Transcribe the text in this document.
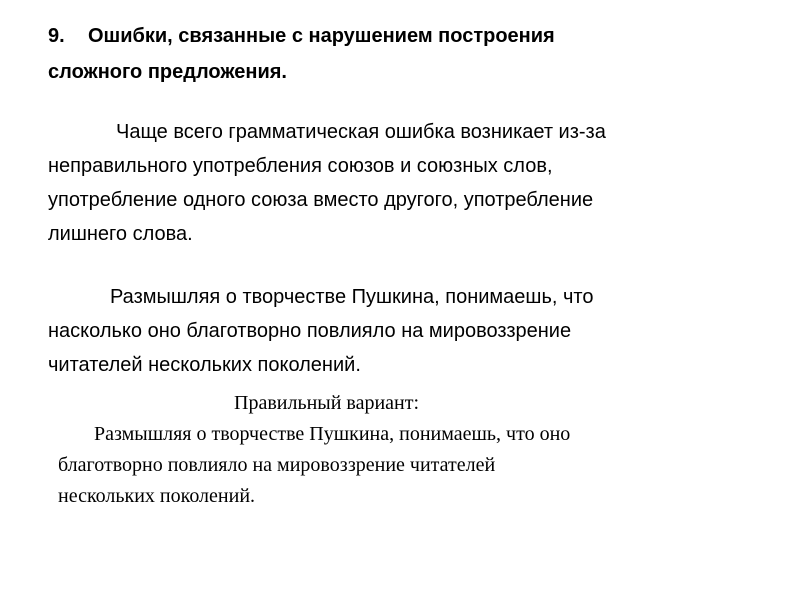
9. Ошибки, связанные с нарушением построения
сложного предложения.
Чаще всего грамматическая ошибка возникает из-за
неправильного употребления союзов и союзных слов,
употребление одного союза вместо другого, употребление
лишнего слова.
Размышляя о творчестве Пушкина, понимаешь, что
насколько оно благотворно повлияло на мировоззрение
читателей нескольких поколений.
Правильный вариант:
Размышляя о творчестве Пушкина, понимаешь, что оно
благотворно повлияло на мировоззрение читателей
нескольких поколений.
